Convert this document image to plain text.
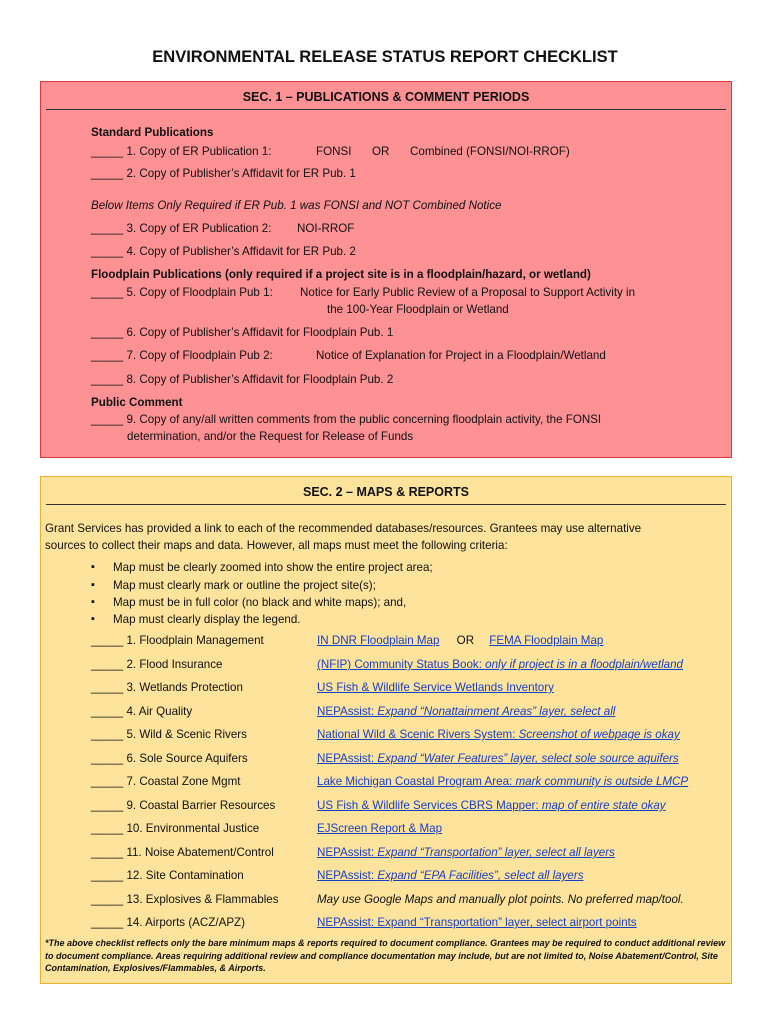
ENVIRONMENTAL RELEASE STATUS REPORT CHECKLIST
SEC. 1 – PUBLICATIONS & COMMENT PERIODS
Standard Publications
_____ 1. Copy of ER Publication 1:	FONSI OR Combined (FONSI/NOI-RROF)
_____ 2. Copy of Publisher’s Affidavit for ER Pub. 1
Below Items Only Required if ER Pub. 1 was FONSI and NOT Combined Notice
_____ 3. Copy of ER Publication 2: NOI-RROF
_____ 4. Copy of Publisher’s Affidavit for ER Pub. 2
Floodplain Publications (only required if a project site is in a floodplain/hazard, or wetland)
_____ 5. Copy of Floodplain Pub 1: Notice for Early Public Review of a Proposal to Support Activity in
the 100-Year Floodplain or Wetland
_____ 6. Copy of Publisher’s Affidavit for Floodplain Pub. 1
_____ 7. Copy of Floodplain Pub 2:	Notice of Explanation for Project in a Floodplain/Wetland
_____ 8. Copy of Publisher’s Affidavit for Floodplain Pub. 2
Public Comment
_____ 9. Copy of any/all written comments from the public concerning floodplain activity, the FONSI
determination, and/or the Request for Release of Funds
SEC. 2 – MAPS & REPORTS
Grant Services has provided a link to each of the recommended databases/resources. Grantees may use alternative
sources to collect their maps and data. However, all maps must meet the following criteria:
▪ Map must be clearly zoomed into show the entire project area;
▪ Map must clearly mark or outline the project site(s);
▪ Map must be in full color (no black and white maps); and,
▪ Map must clearly display the legend.
_____ 1. Floodplain Management
_____ 2. Flood Insurance
_____ 3. Wetlands Protection
_____ 4. Air Quality
_____ 5. Wild & Scenic Rivers
_____ 6. Sole Source Aquifers
_____ 7. Coastal Zone Mgmt
_____ 9. Coastal Barrier Resources
_____ 10. Environmental Justice
_____ 11. Noise Abatement/Control
_____ 12. Site Contamination
_____ 13. Explosives & Flammables
_____ 14. Airports (ACZ/APZ)
IN DNR Floodplain Map OR FEMA Floodplain Map
(NFIP) Community Status Book: only if project is in a floodplain/wetland
US Fish & Wildlife Service Wetlands Inventory
NEPAssist: Expand “Nonattainment Areas” layer, select all
National Wild & Scenic Rivers System: Screenshot of webpage is okay
NEPAssist: Expand “Water Features” layer, select sole source aquifers
Lake Michigan Coastal Program Area: mark community is outside LMCP
US Fish & Wildlife Services CBRS Mapper: map of entire state okay
EJScreen Report & Map
NEPAssist: Expand “Transportation” layer, select all layers
NEPAssist: Expand “EPA Facilities”, select all layers
May use Google Maps and manually plot points. No preferred map/tool.
NEPAssist: Expand “Transportation” layer, select airport points
*The above checklist reflects only the bare minimum maps & reports required to document compliance. Grantees may be required to conduct additional review to document compliance. Areas requiring additional review and compliance documentation may include, but are not limited to, Noise Abatement/Control, Site Contamination, Explosives/Flammables, & Airports.
